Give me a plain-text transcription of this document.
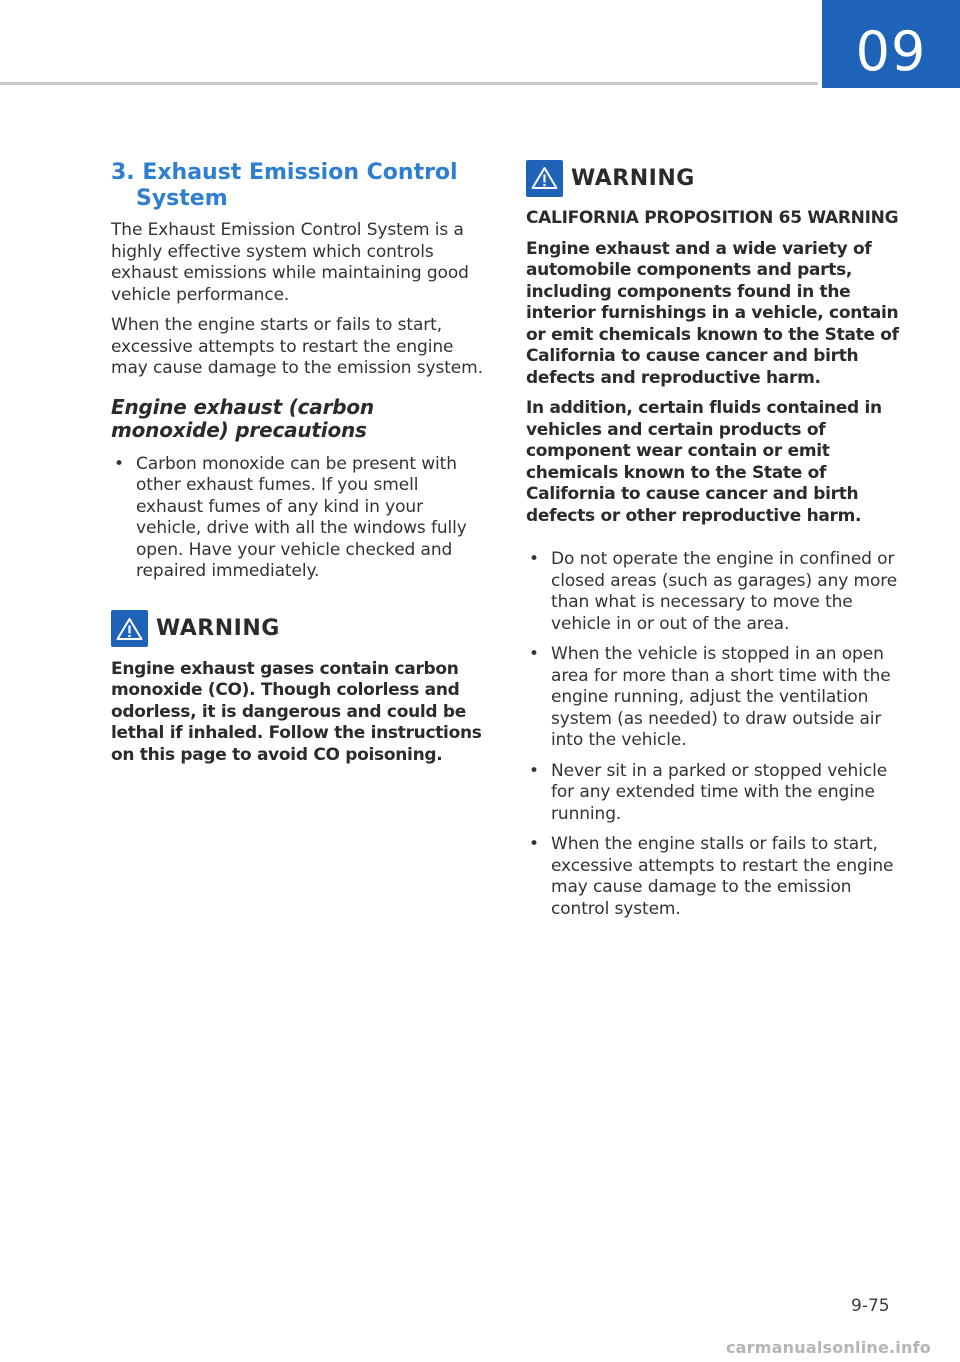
09
3. Exhaust Emission Control System

The Exhaust Emission Control System is a highly effective system which controls exhaust emissions while maintaining good vehicle performance.

When the engine starts or fails to start, excessive attempts to restart the engine may cause damage to the emission system.

Engine exhaust (carbon monoxide) precautions
• Carbon monoxide can be present with other exhaust fumes. If you smell exhaust fumes of any kind in your vehicle, drive with all the windows fully open. Have your vehicle checked and repaired immediately.
WARNING

Engine exhaust gases contain carbon monoxide (CO). Though colorless and odorless, it is dangerous and could be lethal if inhaled. Follow the instructions on this page to avoid CO poisoning.

WARNING

CALIFORNIA PROPOSITION 65 WARNING

Engine exhaust and a wide variety of automobile components and parts, including components found in the interior furnishings in a vehicle, contain or emit chemicals known to the State of California to cause cancer and birth defects and reproductive harm.

In addition, certain fluids contained in vehicles and certain products of component wear contain or emit chemicals known to the State of California to cause cancer and birth defects or other reproductive harm.

• Do not operate the engine in confined or closed areas (such as garages) any more than what is necessary to move the vehicle in or out of the area.
• When the vehicle is stopped in an open area for more than a short time with the engine running, adjust the ventilation system (as needed) to draw outside air into the vehicle.
• Never sit in a parked or stopped vehicle for any extended time with the engine running.
• When the engine stalls or fails to start, excessive attempts to restart the engine may cause damage to the emission control system.
9-75
carmanualsonline.info
